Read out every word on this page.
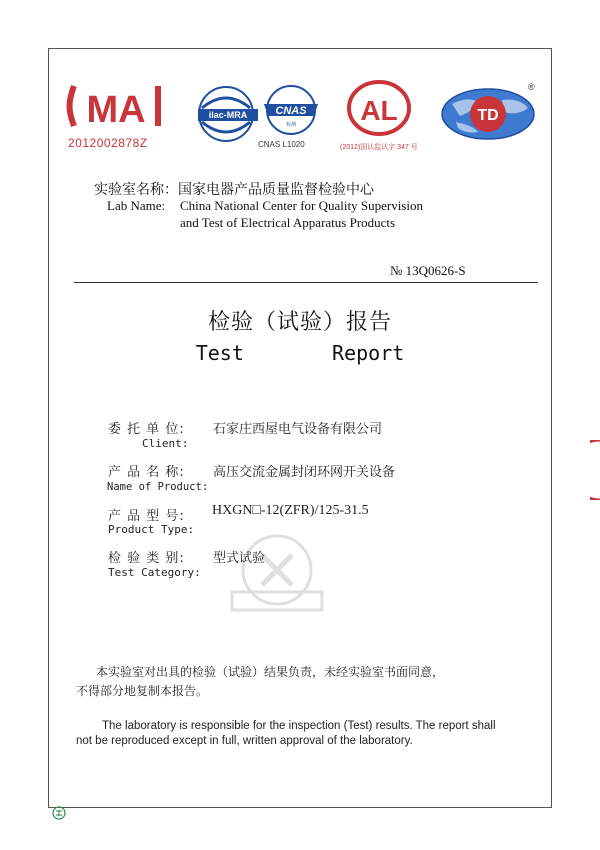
MA
2012002878Z
ilac-MRA	CNAS
检测
CNAS L1020
AL
(2012)国认监认字 347 号
TD
®
实验室名称：国家电器产品质量监督检验中心
Lab Name: China National Center for Quality Supervision
and Test of Electrical Apparatus Products
№ 13Q0626-S
检验（试验）报告
Test    Report
委 托 单 位: 石家庄西屋电气设备有限公司
Client:
产 品 名 称: 高压交流金属封闭环网开关设备
Name of Product:
产 品 型 号: HXGN□-12(ZFR)/125-31.5
Product Type:
检 验 类 别: 型式试验
Test Category:
本实验室对出具的检验（试验）结果负责，未经实验室书面同意，
不得部分地复制本报告。
The laboratory is responsible for the inspection (Test) results. The report shall
not be reproduced except in full, written approval of the laboratory.
